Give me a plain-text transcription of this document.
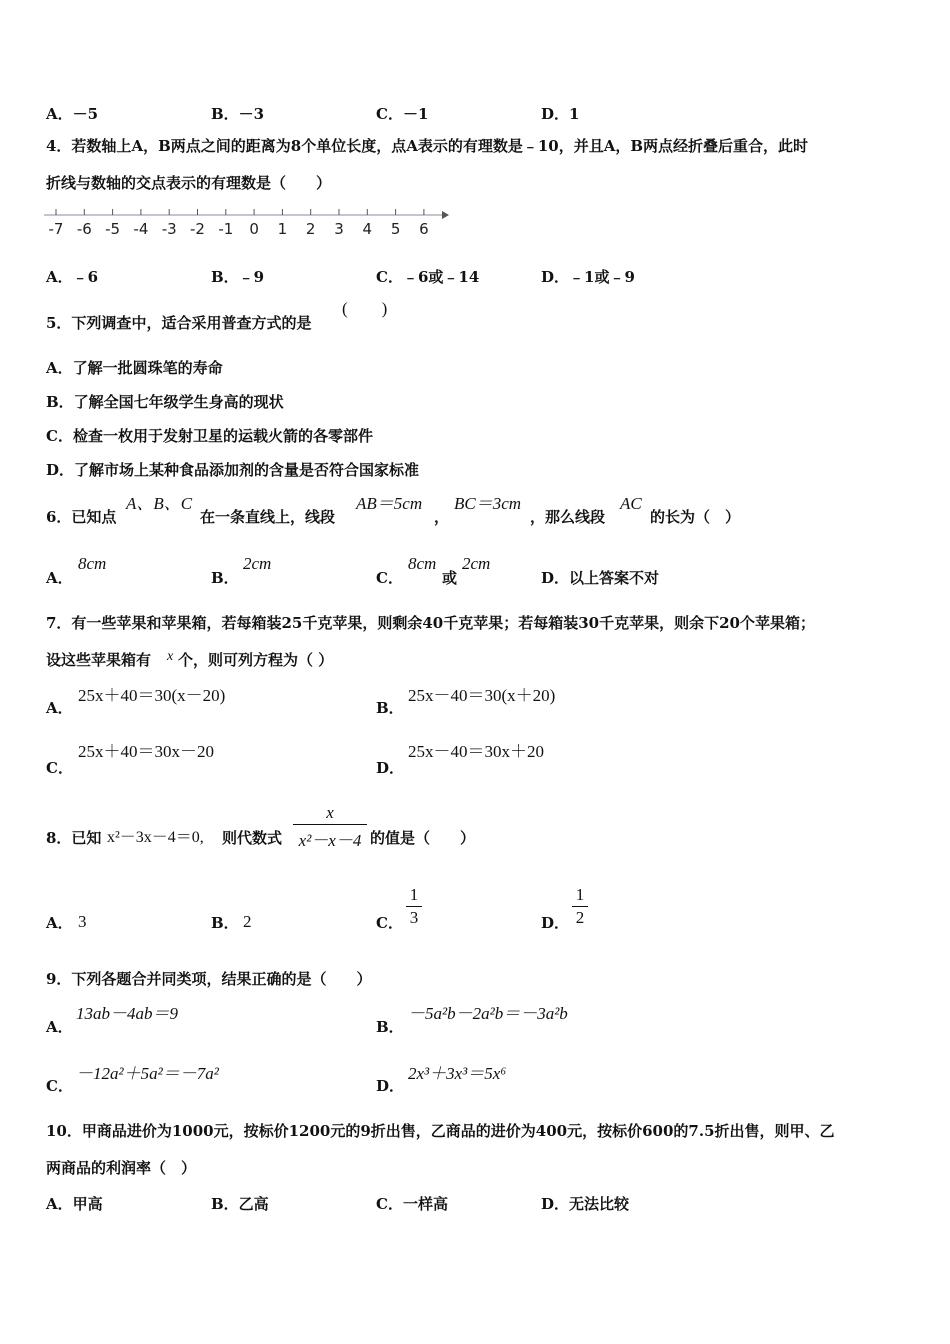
A．－5	B．－3	C．－1	D．1
4．若数轴上A，B两点之间的距离为8个单位长度，点A表示的有理数是﹣10，并且A，B两点经折叠后重合，此时
折线与数轴的交点表示的有理数是（　　）
-7 -6 -5 -4 -3 -2 -1 0 1 2 3 4 5 6
A．﹣6	B．﹣9	C．﹣6或﹣14	D．﹣1或﹣9
5．下列调查中，适合采用普查方式的是
(　　)
A．了解一批圆珠笔的寿命
B．了解全国七年级学生身高的现状
C．检查一枚用于发射卫星的运载火箭的各零部件
D．了解市场上某种食品添加剂的含量是否符合国家标准
6．已知点
A、B、C
在一条直线上，线段
AB＝5cm
，
BC＝3cm
，那么线段
AC
的长为（　）
A．
8cm
B．
2cm
C．
8cm
或
2cm
D．以上答案不对
7．有一些苹果和苹果箱，若每箱装25千克苹果，则剩余40千克苹果；若每箱装30千克苹果，则余下20个苹果箱；
设这些苹果箱有 x 个，则可列方程为（ ）
A．
25x＋40＝30(x－20)
B．
25x－40＝30(x＋20)
C．
25x＋40＝30x－20
D．
25x－40＝30x＋20
8．已知 x²－3x－4＝0, 则代数式
x
x²－x－4 的值是（　　）
A． 3	B． 2	C．
1
3	D．
1
2
9．下列各题合并同类项，结果正确的是（　　）
A．
13ab－4ab＝9
B．
－5a²b－2a²b＝－3a²b
C．
－12a²＋5a²＝－7a²
D．
2x³＋3x³＝5x⁶
10．甲商品进价为1000元，按标价1200元的9折出售，乙商品的进价为400元，按标价600的7.5折出售，则甲、乙
两商品的利润率（　）
A．甲高	B．乙高	C．一样高	D．无法比较
